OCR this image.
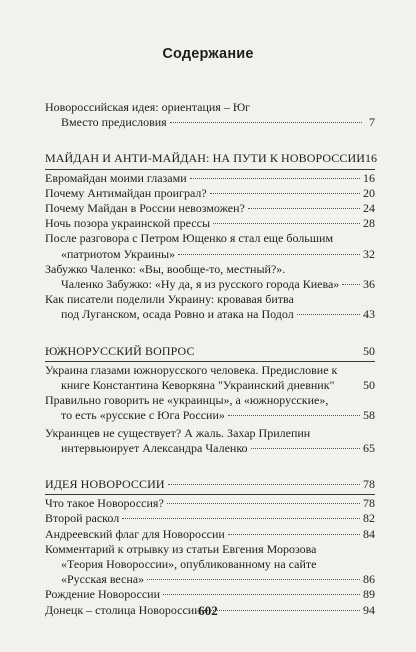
Содержание
Новороссийская идея: ориентация – Юг
Вместо предисловия	7
МАЙДАН И АНТИ-МАЙДАН: НА ПУТИ К НОВОРОССИИ 16
Евромайдан моими глазами	16
Почему Антимайдан проиграл?	20
Почему Майдан в России невозможен?	24
Ночь позора украинской прессы	28
После разговора с Петром Ющенко я стал еще большим
«патриотом Украины»	32
Забужко Чаленко: «Вы, вообще-то, местный?».
Чаленко Забужко: «Ну да, я из русского города Киева» 36
Как писатели поделили Украину: кровавая битва
под Луганском, осада Ровно и атака на Подол	43
ЮЖНОРУССКИЙ ВОПРОС	50
Украина глазами южнорусского человека. Предисловие к
книге Константина Кеворкяна "Украинский дневник" 50
Правильно говорить не «украинцы», а «южнорусские»,
то есть «русские с Юга России»	58
Украинцев не существует? А жаль. Захар Прилепин
интервьюирует Александра Чаленко	65
ИДЕЯ НОВОРОССИИ	78
Что такое Новороссия?	78
Второй раскол	82
Андреевский флаг для Новороссии	84
Комментарий к отрывку из статьи Евгения Морозова
«Теория Новороссии», опубликованному на сайте
«Русская весна»	86
Рождение Новороссии	89
Донецк – столица Новороссии	94
602
